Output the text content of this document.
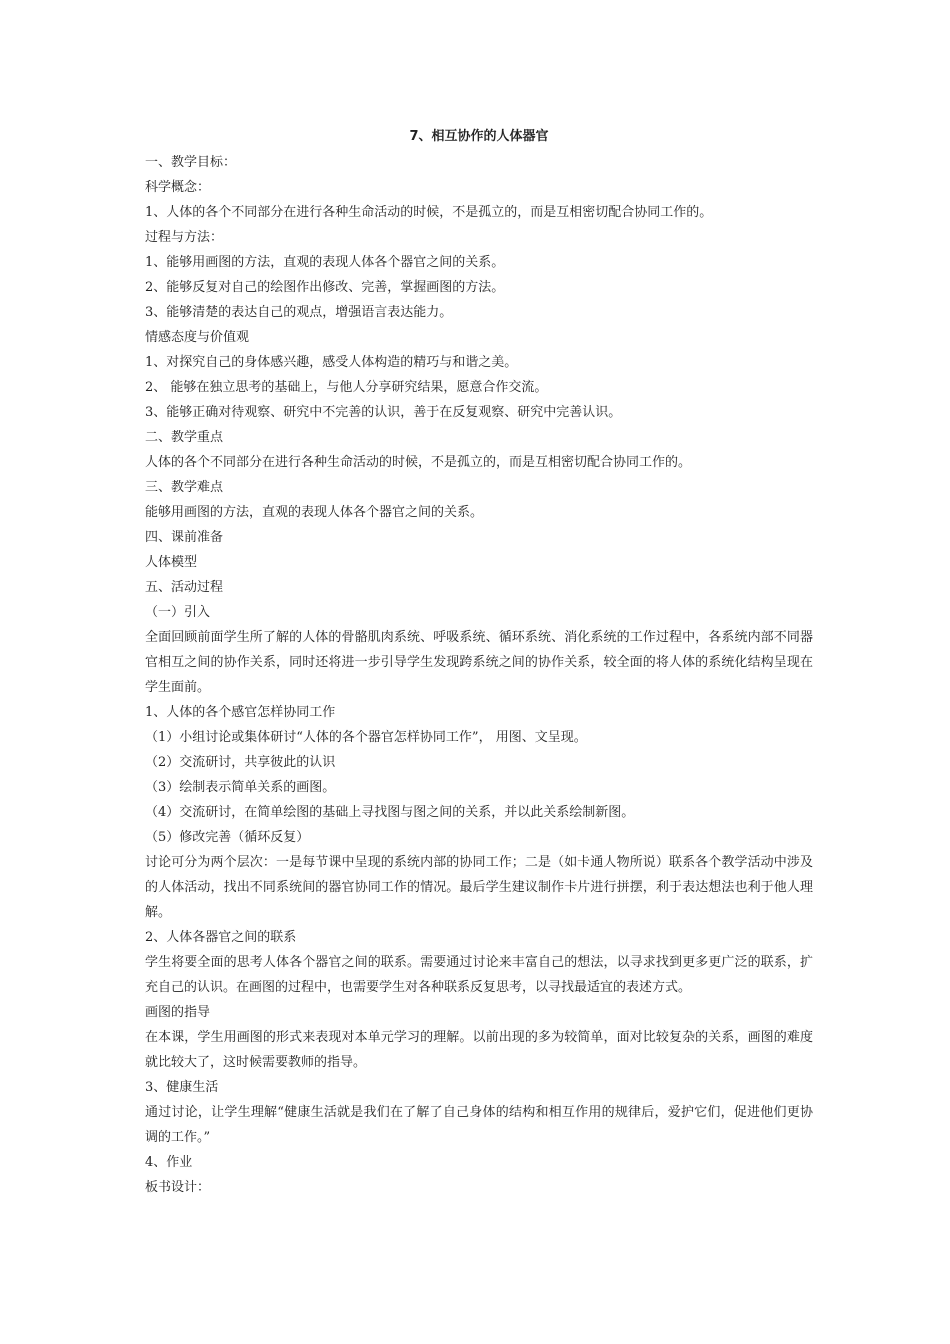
7、相互协作的人体器官
一、教学目标：
科学概念：
1、人体的各个不同部分在进行各种生命活动的时候，不是孤立的，而是互相密切配合协同工作的。
过程与方法：
1、能够用画图的方法，直观的表现人体各个器官之间的关系。
2、能够反复对自己的绘图作出修改、完善，掌握画图的方法。
3、能够清楚的表达自己的观点，增强语言表达能力。
情感态度与价值观
1、对探究自己的身体感兴趣，感受人体构造的精巧与和谐之美。
2、 能够在独立思考的基础上，与他人分享研究结果，愿意合作交流。
3、能够正确对待观察、研究中不完善的认识，善于在反复观察、研究中完善认识。
二、教学重点
人体的各个不同部分在进行各种生命活动的时候，不是孤立的，而是互相密切配合协同工作的。
三、教学难点
能够用画图的方法，直观的表现人体各个器官之间的关系。
四、课前准备
人体模型
五、活动过程
（一）引入
全面回顾前面学生所了解的人体的骨骼肌肉系统、呼吸系统、循环系统、消化系统的工作过程中，各系统内部不同器官相互之间的协作关系，同时还将进一步引导学生发现跨系统之间的协作关系，较全面的将人体的系统化结构呈现在学生面前。
1、人体的各个感官怎样协同工作
（1）小组讨论或集体研讨“人体的各个器官怎样协同工作”， 用图、文呈现。
（2）交流研讨，共享彼此的认识
（3）绘制表示简单关系的画图。
（4）交流研讨，在简单绘图的基础上寻找图与图之间的关系，并以此关系绘制新图。
（5）修改完善（循环反复）
讨论可分为两个层次：一是每节课中呈现的系统内部的协同工作；二是（如卡通人物所说）联系各个教学活动中涉及的人体活动，找出不同系统间的器官协同工作的情况。最后学生建议制作卡片进行拼摆，利于表达想法也利于他人理解。
2、人体各器官之间的联系
学生将要全面的思考人体各个器官之间的联系。需要通过讨论来丰富自己的想法，以寻求找到更多更广泛的联系，扩充自己的认识。在画图的过程中，也需要学生对各种联系反复思考，以寻找最适宜的表述方式。
画图的指导
在本课，学生用画图的形式来表现对本单元学习的理解。以前出现的多为较简单，面对比较复杂的关系，画图的难度就比较大了，这时候需要教师的指导。
3、健康生活
通过讨论，让学生理解“健康生活就是我们在了解了自己身体的结构和相互作用的规律后，爱护它们，促进他们更协调的工作。”
4、作业
板书设计：
